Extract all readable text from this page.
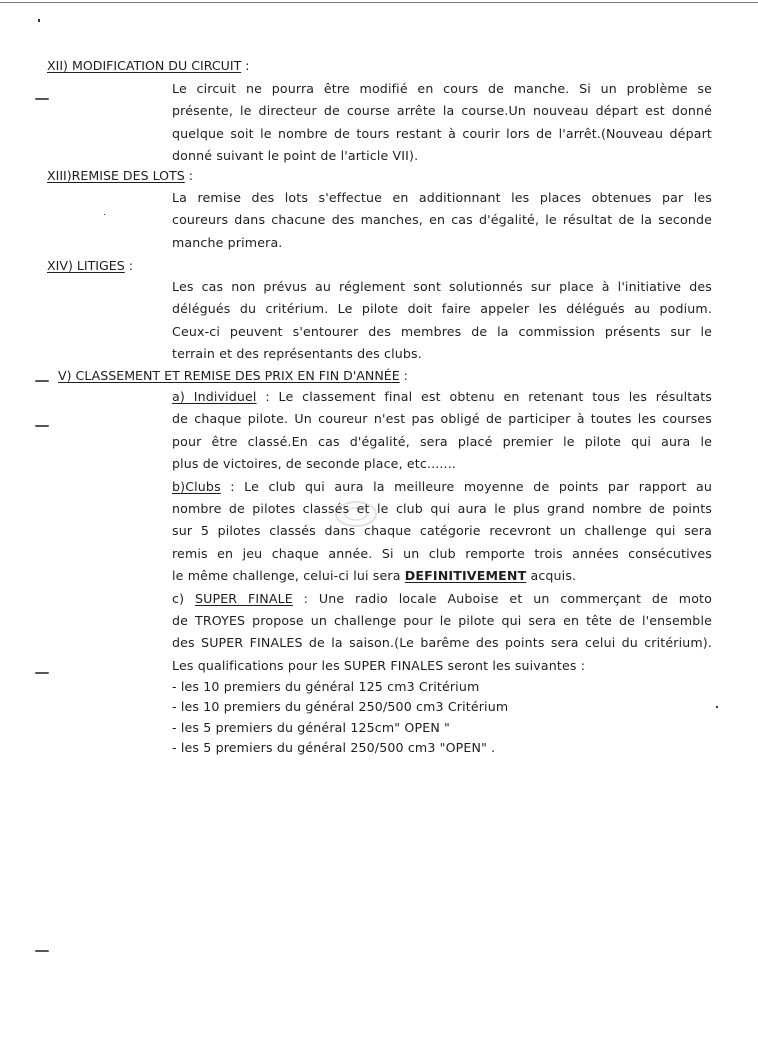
XII) MODIFICATION DU CIRCUIT :
Le circuit ne pourra être modifié en cours de manche. Si un problème se
présente, le directeur de course arrête la course.Un nouveau départ est donné
quelque soit le nombre de tours restant à courir lors de l'arrêt.(Nouveau départ
donné suivant le point de l'article VII).
XIII)REMISE DES LOTS :
La remise des lots s'effectue en additionnant les places obtenues par les
coureurs dans chacune des manches, en cas d'égalité, le résultat de la seconde
manche primera.
XIV) LITIGES :
Les cas non prévus au réglement sont solutionnés sur place à l'initiative des
délégués du critérium. Le pilote doit faire appeler les délégués au podium.
Ceux-ci peuvent s'entourer des membres de la commission présents sur le
terrain et des représentants des clubs.
V) CLASSEMENT ET REMISE DES PRIX EN FIN D'ANNÉE :
a) Individuel : Le classement final est obtenu en retenant tous les résultats
de chaque pilote. Un coureur n'est pas obligé de participer à toutes les courses
pour être classé.En cas d'égalité, sera placé premier le pilote qui aura le
plus de victoires, de seconde place, etc.......
b)Clubs : Le club qui aura la meilleure moyenne de points par rapport au
nombre de pilotes classés et le club qui aura le plus grand nombre de points
sur 5 pilotes classés dans chaque catégorie recevront un challenge qui sera
remis en jeu chaque année. Si un club remporte trois années consécutives
le même challenge, celui-ci lui sera DEFINITIVEMENT acquis.
c) SUPER FINALE : Une radio locale Auboise et un commerçant de moto
de TROYES propose un challenge pour le pilote qui sera en tête de l'ensemble
des SUPER FINALES de la saison.(Le barême des points sera celui du critérium).
Les qualifications pour les SUPER FINALES seront les suivantes :
- les 10 premiers du général 125 cm3 Critérium
- les 10 premiers du général 250/500 cm3 Critérium
- les 5 premiers du général 125cm" OPEN "
- les 5 premiers du général 250/500 cm3 "OPEN" .
